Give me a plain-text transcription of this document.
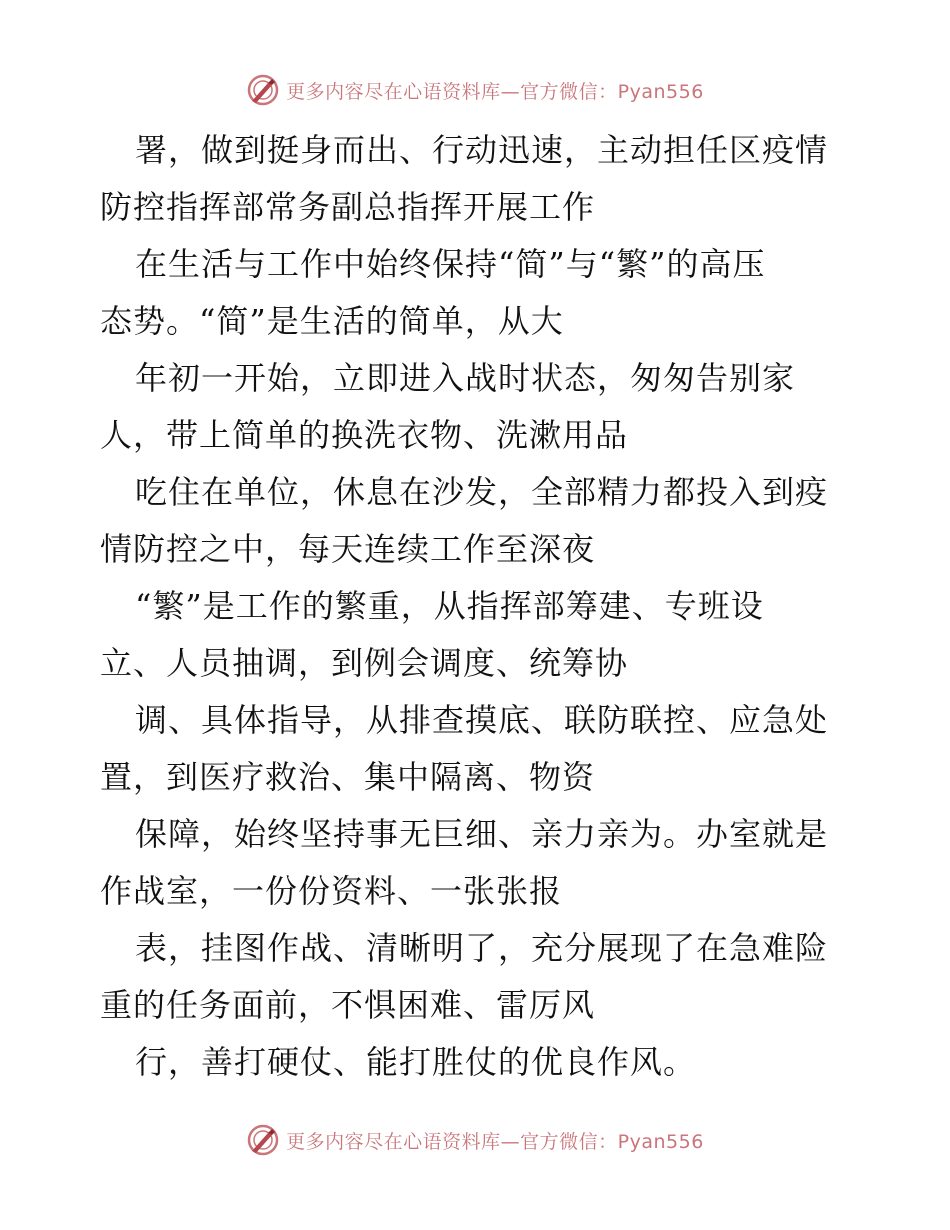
更多内容尽在心语资料库—官方微信：Pyan556
署，做到挺身而出、行动迅速，主动担任区疫情
防控指挥部常务副总指挥开展工作
在生活与工作中始终保持“简”与“繁”的高压
态势。“简”是生活的简单，从大
年初一开始，立即进入战时状态，匆匆告别家
人，带上简单的换洗衣物、洗漱用品
吃住在单位，休息在沙发，全部精力都投入到疫
情防控之中，每天连续工作至深夜
“繁”是工作的繁重，从指挥部筹建、专班设
立、人员抽调，到例会调度、统筹协
调、具体指导，从排查摸底、联防联控、应急处
置，到医疗救治、集中隔离、物资
保障，始终坚持事无巨细、亲力亲为。办室就是
作战室，一份份资料、一张张报
表，挂图作战、清晰明了，充分展现了在急难险
重的任务面前，不惧困难、雷厉风
行，善打硬仗、能打胜仗的优良作风。
更多内容尽在心语资料库—官方微信：Pyan556
